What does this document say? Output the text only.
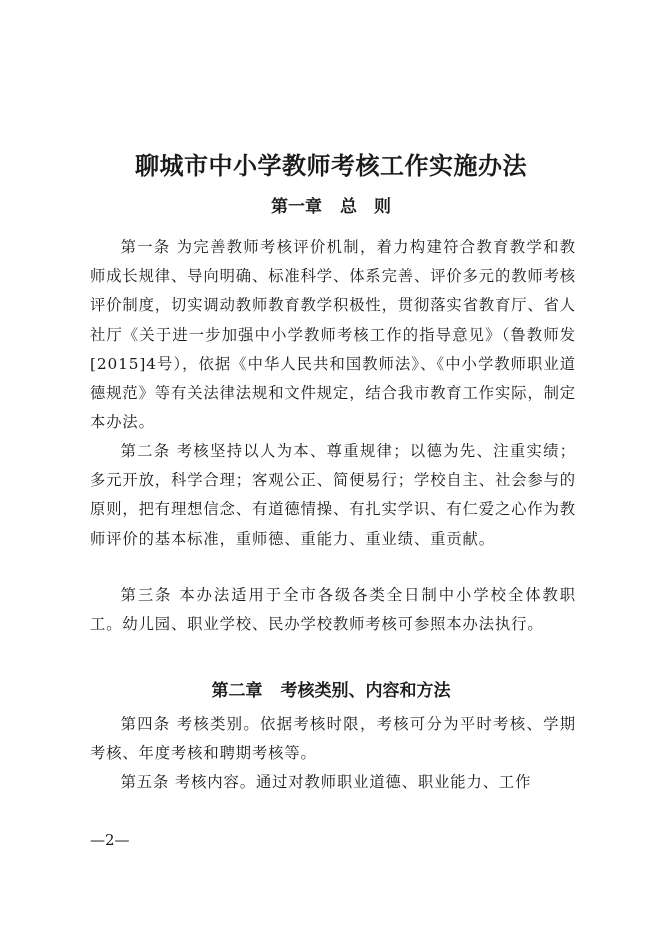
聊城市中小学教师考核工作实施办法
第一章 总　则

第一条 为完善教师考核评价机制，着力构建符合教育教学和教师成长规律、导向明确、标准科学、体系完善、评价多元的教师考核评价制度，切实调动教师教育教学积极性，贯彻落实省教育厅、省人社厅《关于进一步加强中小学教师考核工作的指导意见》（鲁教师发[2015]4号），依据《中华人民共和国教师法》、《中小学教师职业道德规范》等有关法律法规和文件规定，结合我市教育工作实际，制定本办法。

第二条 考核坚持以人为本、尊重规律；以德为先、注重实绩；多元开放，科学合理；客观公正、简便易行；学校自主、社会参与的原则，把有理想信念、有道德情操、有扎实学识、有仁爱之心作为教师评价的基本标准，重师德、重能力、重业绩、重贡献。

第三条 本办法适用于全市各级各类全日制中小学校全体教职工。幼儿园、职业学校、民办学校教师考核可参照本办法执行。

第二章 考核类别、内容和方法

第四条 考核类别。依据考核时限，考核可分为平时考核、学期考核、年度考核和聘期考核等。

第五条 考核内容。通过对教师职业道德、职业能力、工作

—2—
